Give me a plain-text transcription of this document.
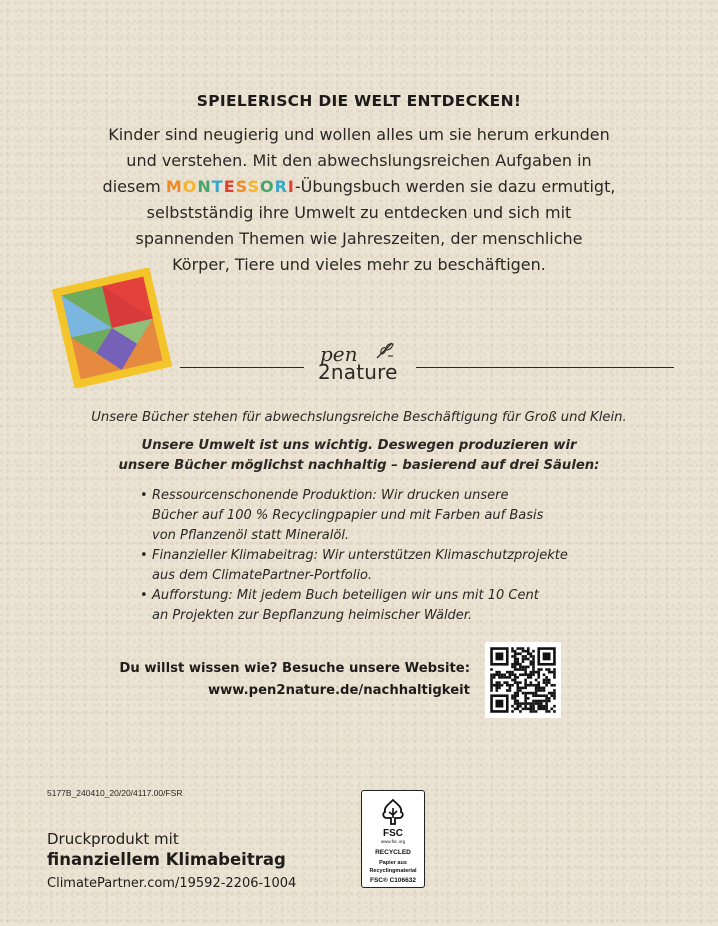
SPIELERISCH DIE WELT ENTDECKEN!
Kinder sind neugierig und wollen alles um sie herum erkunden
und verstehen. Mit den abwechslungsreichen Aufgaben in
diesem MONTESSORI-Übungsbuch werden sie dazu ermutigt,
selbstständig ihre Umwelt zu entdecken und sich mit
spannenden Themen wie Jahreszeiten, der menschliche
Körper, Tiere und vieles mehr zu beschäftigen.
pen
2nature
Unsere Bücher stehen für abwechslungsreiche Beschäftigung für Groß und Klein.
Unsere Umwelt ist uns wichtig. Deswegen produzieren wir
unsere Bücher möglichst nachhaltig – basierend auf drei Säulen:
• Ressourcenschonende Produktion: Wir drucken unsere
Bücher auf 100 % Recyclingpapier und mit Farben auf Basis
von Pflanzenöl statt Mineralöl.
• Finanzieller Klimabeitrag: Wir unterstützen Klimaschutzprojekte
aus dem ClimatePartner-Portfolio.
• Aufforstung: Mit jedem Buch beteiligen wir uns mit 10 Cent
an Projekten zur Bepflanzung heimischer Wälder.
Du willst wissen wie? Besuche unsere Website:
www.pen2nature.de/nachhaltigkeit
5177B_240410_20/20/4117.00/FSR
Druckprodukt mit
finanziellem Klimabeitrag
ClimatePartner.com/19592-2206-1004
FSC
www.fsc.org
RECYCLED
Papier aus
Recyclingmaterial
FSC® C106632
